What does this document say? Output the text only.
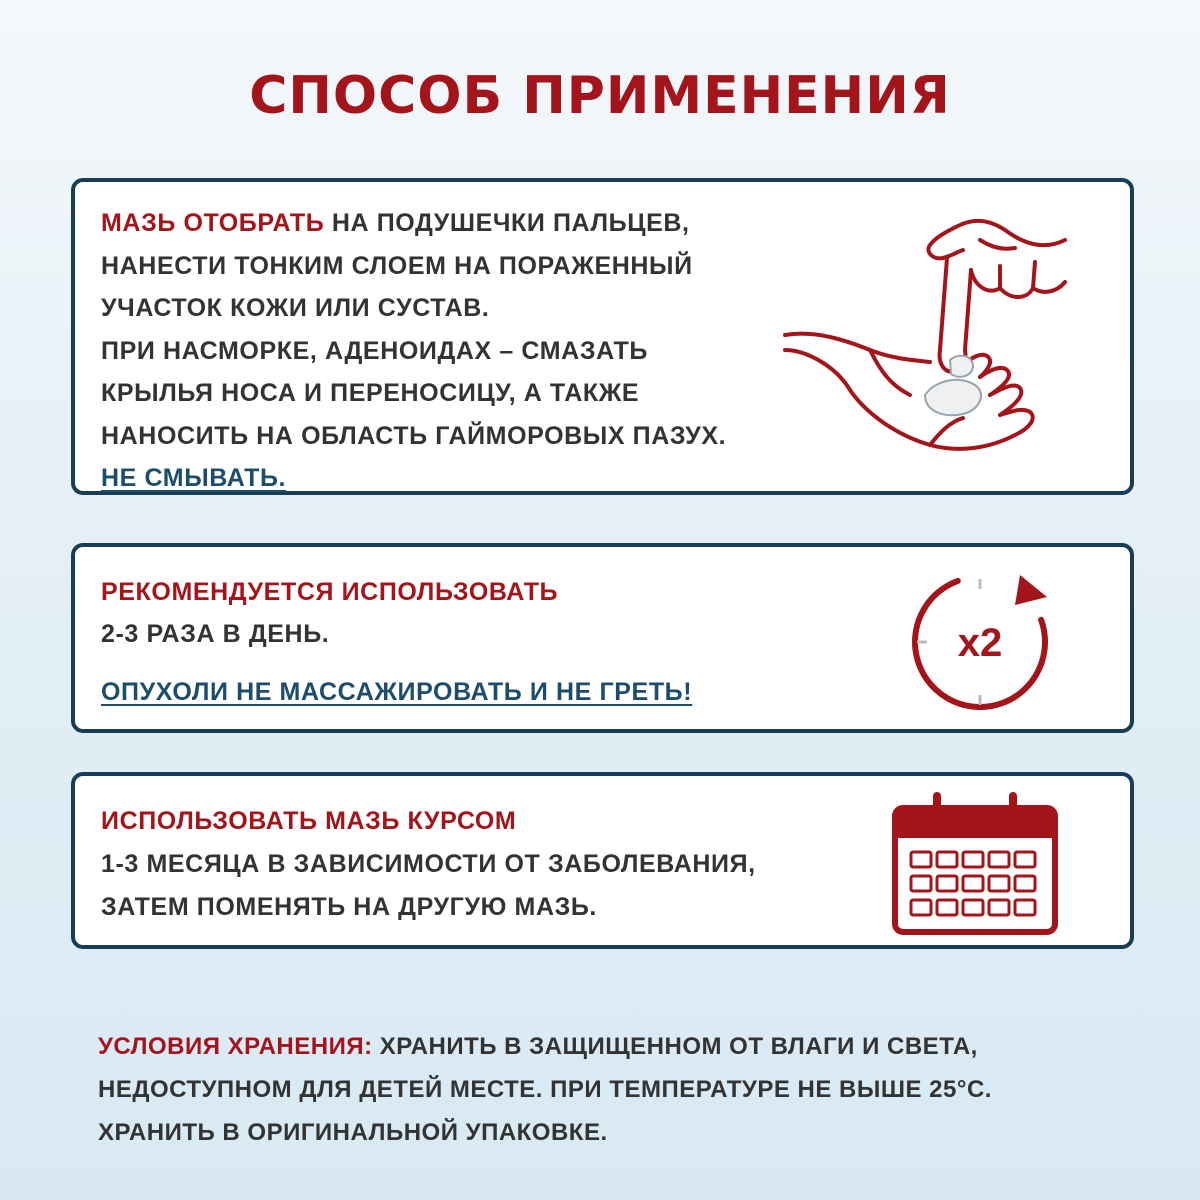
СПОСОБ ПРИМЕНЕНИЯ
МАЗЬ ОТОБРАТЬ НА ПОДУШЕЧКИ ПАЛЬЦЕВ,
НАНЕСТИ ТОНКИМ СЛОЕМ НА ПОРАЖЕННЫЙ
УЧАСТОК КОЖИ ИЛИ СУСТАВ.
ПРИ НАСМОРКЕ, АДЕНОИДАХ – СМАЗАТЬ
КРЫЛЬЯ НОСА И ПЕРЕНОСИЦУ, А ТАКЖЕ
НАНОСИТЬ НА ОБЛАСТЬ ГАЙМОРОВЫХ ПАЗУХ.
НЕ СМЫВАТЬ.
РЕКОМЕНДУЕТСЯ ИСПОЛЬЗОВАТЬ
2-3 РАЗА В ДЕНЬ.
ОПУХОЛИ НЕ МАССАЖИРОВАТЬ И НЕ ГРЕТЬ!
x2
ИСПОЛЬЗОВАТЬ МАЗЬ КУРСОМ
1-3 МЕСЯЦА В ЗАВИСИМОСТИ ОТ ЗАБОЛЕВАНИЯ,
ЗАТЕМ ПОМЕНЯТЬ НА ДРУГУЮ МАЗЬ.
УСЛОВИЯ ХРАНЕНИЯ: ХРАНИТЬ В ЗАЩИЩЕННОМ ОТ ВЛАГИ И СВЕТА,
НЕДОСТУПНОМ ДЛЯ ДЕТЕЙ МЕСТЕ. ПРИ ТЕМПЕРАТУРЕ НЕ ВЫШЕ 25°С.
ХРАНИТЬ В ОРИГИНАЛЬНОЙ УПАКОВКЕ.
